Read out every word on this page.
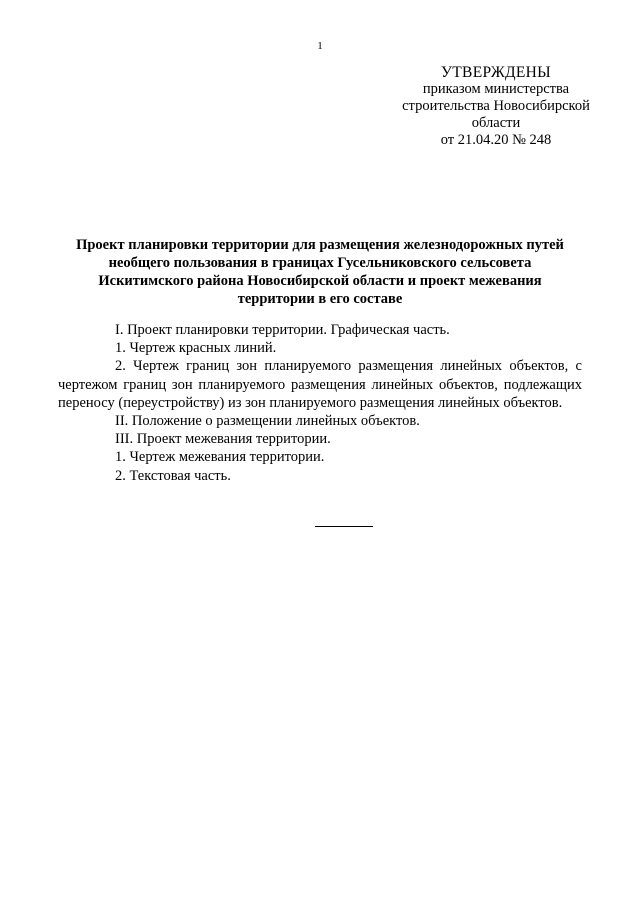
1
УТВЕРЖДЕНЫ
приказом министерства
строительства Новосибирской
области
от 21.04.20 № 248
Проект планировки территории для размещения железнодорожных путей необщего пользования в границах Гусельниковского сельсовета Искитимского района Новосибирской области и проект межевания территории в его составе

I. Проект планировки территории. Графическая часть.

1. Чертеж красных линий.

2. Чертеж границ зон планируемого размещения линейных объектов, с чертежом границ зон планируемого размещения линейных объектов, подлежащих переносу (переустройству) из зон планируемого размещения линейных объектов.

II. Положение о размещении линейных объектов.

III. Проект межевания территории.

1. Чертеж межевания территории.

2. Текстовая часть.
